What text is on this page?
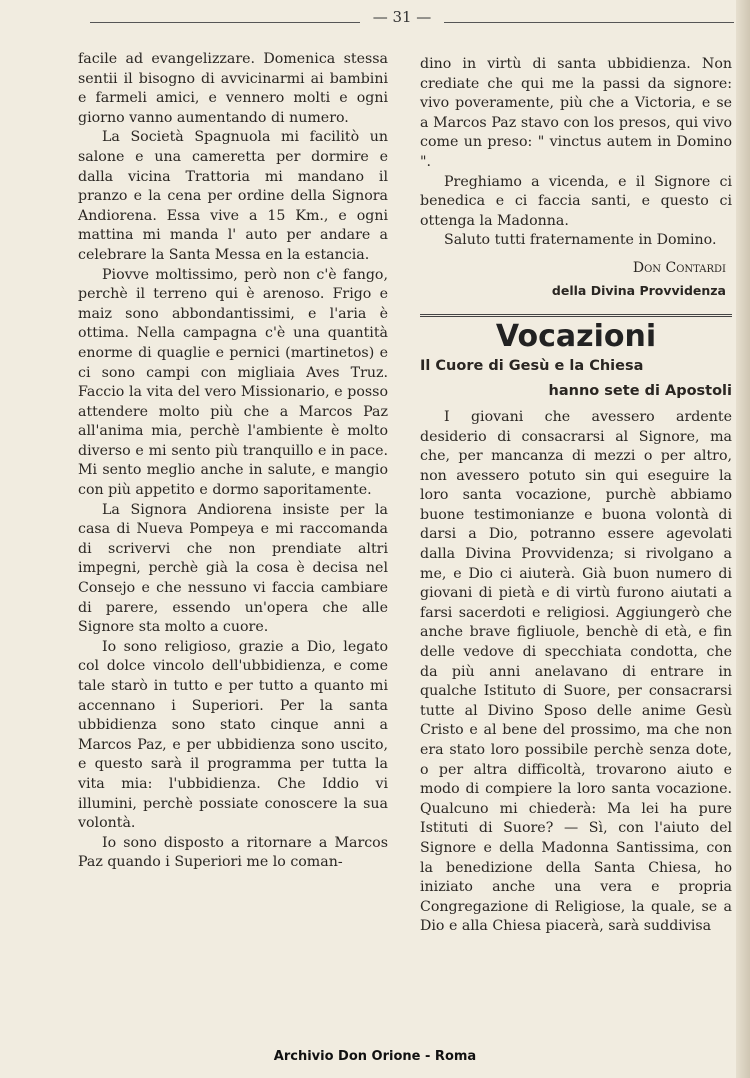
— 31 —

facile ad evangelizzare. Domenica stessa sentii il bisogno di avvicinarmi ai bambini e farmeli amici, e vennero molti e ogni giorno vanno aumentando di numero.

La Società Spagnuola mi facilitò un salone e una cameretta per dormire e dalla vicina Trattoria mi mandano il pranzo e la cena per ordine della Signora Andiorena. Essa vive a 15 Km., e ogni mattina mi manda l' auto per andare a celebrare la Santa Messa en la estancia.

Piovve moltissimo, però non c'è fango, perchè il terreno qui è arenoso. Frigo e maiz sono abbondantissimi, e l'aria è ottima. Nella campagna c'è una quantità enorme di quaglie e pernici (martinetos) e ci sono campi con migliaia Aves Truz. Faccio la vita del vero Missionario, e posso attendere molto più che a Marcos Paz all'anima mia, perchè l'ambiente è molto diverso e mi sento più tranquillo e in pace. Mi sento meglio anche in salute, e mangio con più appetito e dormo saporitamente.

La Signora Andiorena insiste per la casa di Nueva Pompeya e mi raccomanda di scrivervi che non prendiate altri impegni, perchè già la cosa è decisa nel Consejo e che nessuno vi faccia cambiare di parere, essendo un'opera che alle Signore sta molto a cuore.

Io sono religioso, grazie a Dio, legato col dolce vincolo dell'ubbidienza, e come tale starò in tutto e per tutto a quanto mi accennano i Superiori. Per la santa ubbidienza sono stato cinque anni a Marcos Paz, e per ubbidienza sono uscito, e questo sarà il programma per tutta la vita mia: l'ubbidienza. Che Iddio vi illumini, perchè possiate conoscere la sua volontà.

Io sono disposto a ritornare a Marcos Paz quando i Superiori me lo coman-

dino in virtù di santa ubbidienza. Non crediate che qui me la passi da signore: vivo poveramente, più che a Victoria, e se a Marcos Paz stavo con los presos, qui vivo come un preso: " vinctus autem in Domino ".

Preghiamo a vicenda, e il Signore ci benedica e ci faccia santi, e questo ci ottenga la Madonna.

Saluto tutti fraternamente in Domino.

Don Contardi
della Divina Provvidenza
Vocazioni
Il Cuore di Gesù e la Chiesa
hanno sete di Apostoli

I giovani che avessero ardente desiderio di consacrarsi al Signore, ma che, per mancanza di mezzi o per altro, non avessero potuto sin qui eseguire la loro santa vocazione, purchè abbiamo buone testimonianze e buona volontà di darsi a Dio, potranno essere agevolati dalla Divina Provvidenza; si rivolgano a me, e Dio ci aiuterà. Già buon numero di giovani di pietà e di virtù furono aiutati a farsi sacerdoti e religiosi. Aggiungerò che anche brave figliuole, benchè di età, e fin delle vedove di specchiata condotta, che da più anni anelavano di entrare in qualche Istituto di Suore, per consacrarsi tutte al Divino Sposo delle anime Gesù Cristo e al bene del prossimo, ma che non era stato loro possibile perchè senza dote, o per altra difficoltà, trovarono aiuto e modo di compiere la loro santa vocazione. Qualcuno mi chiederà: Ma lei ha pure Istituti di Suore? — Sì, con l'aiuto del Signore e della Madonna Santissima, con la benedizione della Santa Chiesa, ho iniziato anche una vera e propria Congregazione di Religiose, la quale, se a Dio e alla Chiesa piacerà, sarà suddivisa

Archivio Don Orione - Roma
